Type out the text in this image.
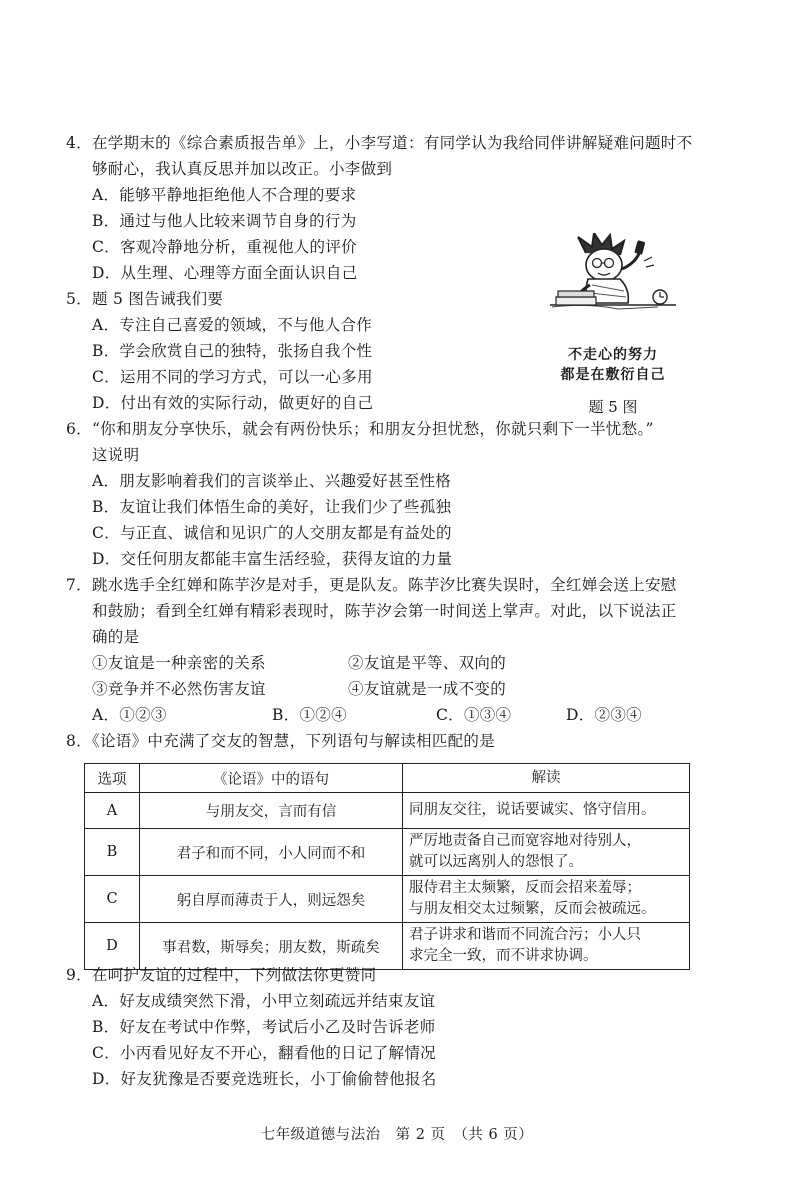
4．在学期末的《综合素质报告单》上，小李写道：有同学认为我给同伴讲解疑难问题时不
够耐心，我认真反思并加以改正。小李做到
A．能够平静地拒绝他人不合理的要求
B．通过与他人比较来调节自身的行为
C．客观冷静地分析，重视他人的评价
D．从生理、心理等方面全面认识自己
5．题 5 图告诫我们要
A．专注自己喜爱的领域，不与他人合作
B．学会欣赏自己的独特，张扬自我个性
C．运用不同的学习方式，可以一心多用
D．付出有效的实际行动，做更好的自己
不走心的努力
都是在敷衍自己
题 5 图
6．“你和朋友分享快乐，就会有两份快乐；和朋友分担忧愁，你就只剩下一半忧愁。”
这说明
A．朋友影响着我们的言谈举止、兴趣爱好甚至性格
B．友谊让我们体悟生命的美好，让我们少了些孤独
C．与正直、诚信和见识广的人交朋友都是有益处的
D．交任何朋友都能丰富生活经验，获得友谊的力量
7．跳水选手全红婵和陈芋汐是对手，更是队友。陈芋汐比赛失误时，全红婵会送上安慰
和鼓励；看到全红婵有精彩表现时，陈芋汐会第一时间送上掌声。对此，以下说法正
确的是
①友谊是一种亲密的关系	②友谊是平等、双向的
③竞争并不必然伤害友谊	④友谊就是一成不变的
A．①②③	B．①②④	C．①③④	D．②③④
8．《论语》中充满了交友的智慧，下列语句与解读相匹配的是
选项	《论语》中的语句	解读
A	与朋友交，言而有信	同朋友交往，说话要诚实、恪守信用。

B	君子和而不同，小人同而不和	严厉地责备自己而宽容地对待别人，
就可以远离别人的怨恨了。

C	躬自厚而薄责于人，则远怨矣	服侍君主太频繁，反而会招来羞辱；
与朋友相交太过频繁，反而会被疏远。

D	事君数，斯辱矣；朋友数，斯疏矣	君子讲求和谐而不同流合污；小人只
求完全一致，而不讲求协调。
9．在呵护友谊的过程中，下列做法你更赞同
A．好友成绩突然下滑，小甲立刻疏远并结束友谊
B．好友在考试中作弊，考试后小乙及时告诉老师
C．小丙看见好友不开心，翻看他的日记了解情况
D．好友犹豫是否要竞选班长，小丁偷偷替他报名
七年级道德与法治　第 2 页　（共 6 页）
